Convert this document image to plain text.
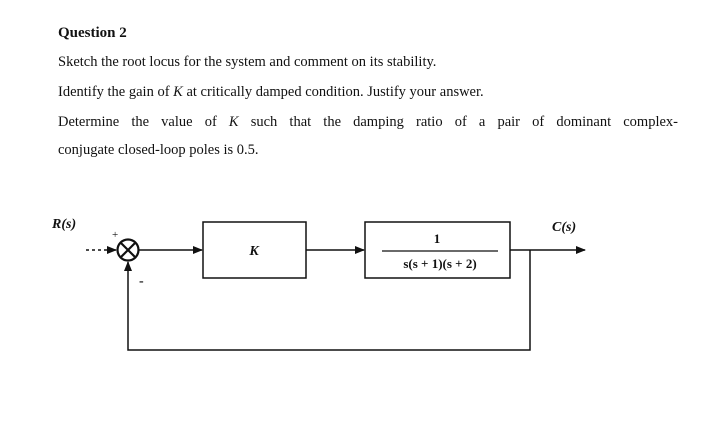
Question 2
Sketch the root locus for the system and comment on its stability.
Identify the gain of K at critically damped condition. Justify your answer.
Determine the value of K such that the damping ratio of a pair of dominant complex-
conjugate closed-loop poles is 0.5.
R(s)
+
-
K
1
s(s + 1)(s + 2)
C(s)
